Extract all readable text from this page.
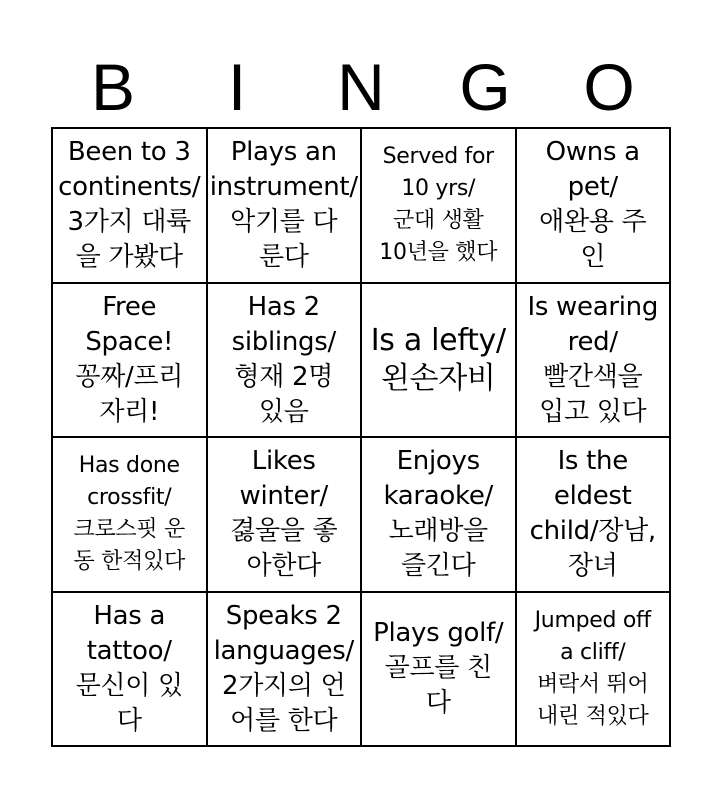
B	I	N	G	O
Been to 3
continents/
3가지 대륙
을 가봤다
Plays an
instrument/
악기를 다
룬다
Served for
10 yrs/
군대 생활
10년을 했다
Owns a
pet/
애완용 주
인
Free
Space!
꽁짜/프리
자리!
Has 2
siblings/
형재 2명
있음
Is a lefty/
왼손자비
Is wearing
red/
빨간색을
입고 있다
Has done
crossfit/
크로스핏 운
동 한적있다
Likes
winter/
겷울을 좋
아한다
Enjoys
karaoke/
노래방을
즐긴다
Is the
eldest
child/장남,
장녀
Has a
tattoo/
문신이 있
다
Speaks 2
languages/
2가지의 언
어를 한다
Plays golf/
골프를 친
다
Jumped off
a cliff/
벼락서 뛰어
내린 적있다
